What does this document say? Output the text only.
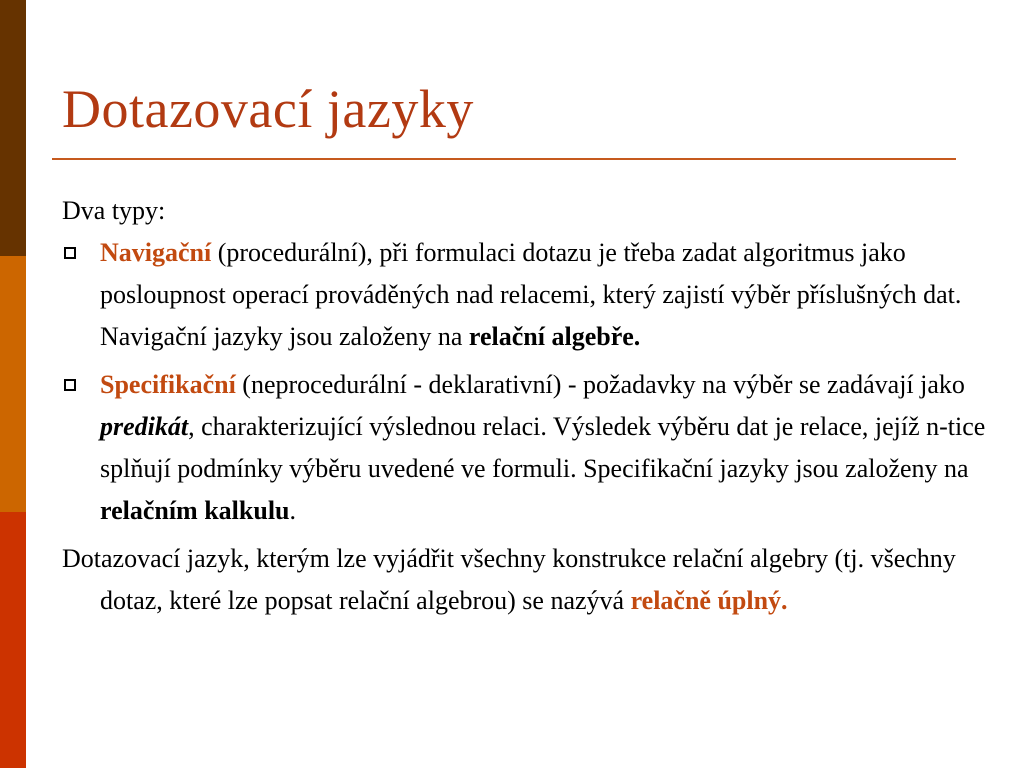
Dotazovací jazyky

Dva typy:

Navigační (procedurální), při formulaci dotazu je třeba zadat algoritmus jako posloupnost operací prováděných nad relacemi, který zajistí výběr příslušných dat. Navigační jazyky jsou založeny na relační algebře.
Specifikační (neprocedurální - deklarativní) - požadavky na výběr se zadávají jako predikát, charakterizující výslednou relaci. Výsledek výběru dat je relace, jejíž n-tice splňují podmínky výběru uvedené ve formuli. Specifikační jazyky jsou založeny na relačním kalkulu.

Dotazovací jazyk, kterým lze vyjádřit všechny konstrukce relační algebry (tj. všechny dotaz, které lze popsat relační algebrou) se nazývá relačně úplný.
